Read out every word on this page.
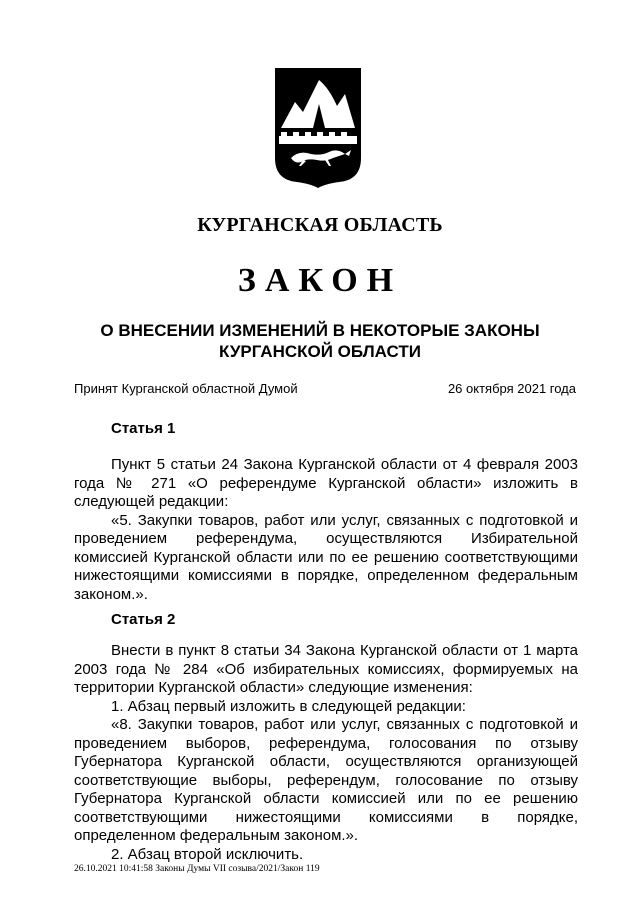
КУРГАНСКАЯ ОБЛАСТЬ
ЗАКОН
О ВНЕСЕНИИ ИЗМЕНЕНИЙ В НЕКОТОРЫЕ ЗАКОНЫ
КУРГАНСКОЙ ОБЛАСТИ
Принят Курганской областной Думой	26 октября 2021 года
Статья 1

Пункт 5 статьи 24 Закона Курганской области от 4 февраля 2003 года № 271 «О референдуме Курганской области» изложить в следующей редакции:

«5. Закупки товаров, работ или услуг, связанных с подготовкой и проведением референдума, осуществляются Избирательной комиссией Курганской области или по ее решению соответствующими нижестоящими комиссиями в порядке, определенном федеральным законом.».

Статья 2

Внести в пункт 8 статьи 34 Закона Курганской области от 1 марта 2003 года № 284 «Об избирательных комиссиях, формируемых на территории Курганской области» следующие изменения:

1. Абзац первый изложить в следующей редакции:

«8. Закупки товаров, работ или услуг, связанных с подготовкой и проведением выборов, референдума, голосования по отзыву Губернатора Курганской области, осуществляются организующей соответствующие выборы, референдум, голосование по отзыву Губернатора Курганской области комиссией или по ее решению соответствующими нижестоящими комиссиями в порядке, определенном федеральным законом.».

2. Абзац второй исключить.

26.10.2021 10:41:58 Законы Думы VII созыва/2021/Закон 119
